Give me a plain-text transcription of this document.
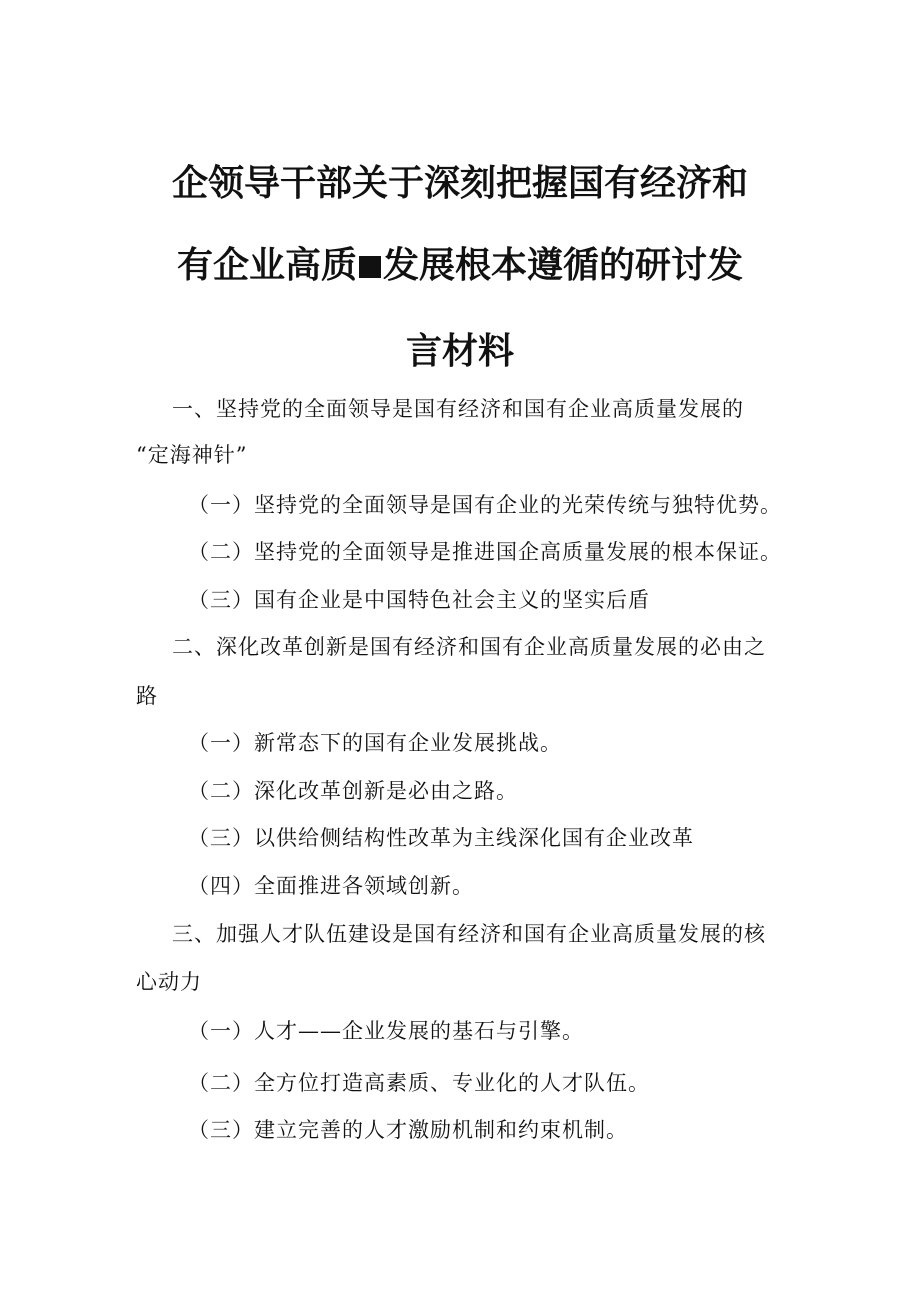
企领导干部关于深刻把握国有经济和
有企业高质 发展根本遵循的研讨发
言材料
一、坚持党的全面领导是国有经济和国有企业高质量发展的
“定海神针”
（一）坚持党的全面领导是国有企业的光荣传统与独特优势。
（二）坚持党的全面领导是推进国企高质量发展的根本保证。
（三）国有企业是中国特色社会主义的坚实后盾
二、深化改革创新是国有经济和国有企业高质量发展的必由之
路
（一）新常态下的国有企业发展挑战。
（二）深化改革创新是必由之路。
（三）以供给侧结构性改革为主线深化国有企业改革
（四）全面推进各领域创新。
三、加强人才队伍建设是国有经济和国有企业高质量发展的核
心动力
（一）人才——企业发展的基石与引擎。
（二）全方位打造高素质、专业化的人才队伍。
（三）建立完善的人才激励机制和约束机制。
